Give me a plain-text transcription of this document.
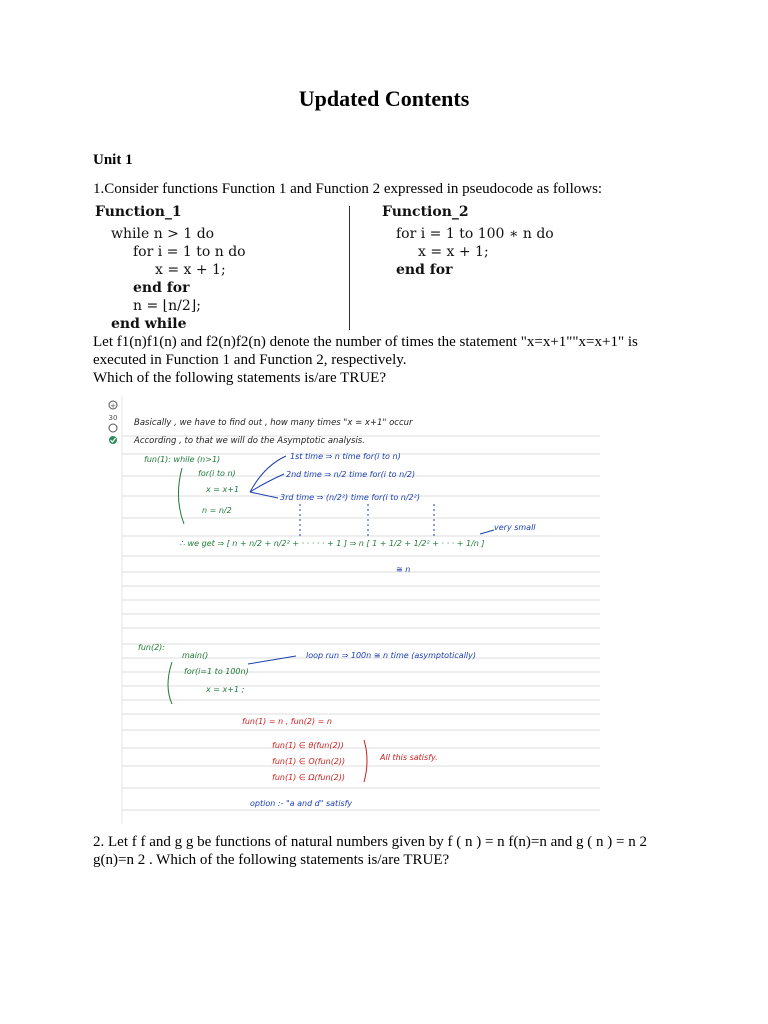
Updated Contents
Unit 1
1.Consider functions Function 1 and Function 2 expressed in pseudocode as follows:
Function_1
while n > 1 do
for i = 1 to n do
x = x + 1;
end for
n = ⌊n/2⌋;
end while
Function_2
for i = 1 to 100 ∗ n do
x = x + 1;
end for
Let f1(n)f1(n) and f2(n)f2(n) denote the number of times the statement "x=x+1""x=x+1" is executed in Function 1 and Function 2, respectively.
Which of the following statements is/are TRUE?
+
30 Basically , we have to find out , how many times "x = x+1" occur
According , to that we will do the Asymptotic analysis.
fun(1): while (n>1)
for(i to n)
x = x+1
n = n/2
∴ we get ⇒ [ n + n/2 + n/2² + · · · · · + 1 ] ⇒ n [ 1 + 1/2 + 1/2² + · · · + 1/n ]
fun(2):
main()
for(i=1 to 100n)
x = x+1 ;
1st time ⇒ n time for(i to n)
2nd time ⇒ n/2 time for(i to n/2)
3rd time ⇒ (n/2²) time for(i to n/2²)
very small
≅ n
loop run ⇒ 100n ≅ n time (asymptotically)
option :- "a and d" satisfy
fun(1) = n , fun(2) = n
fun(1) ∈ θ(fun(2))
fun(1) ∈ O(fun(2))
fun(1) ∈ Ω(fun(2))
All this satisfy.
2. Let f f and g g be functions of natural numbers given by f ( n ) = n f(n)=n and g ( n ) = n 2 g(n)=n 2 . Which of the following statements is/are TRUE?
